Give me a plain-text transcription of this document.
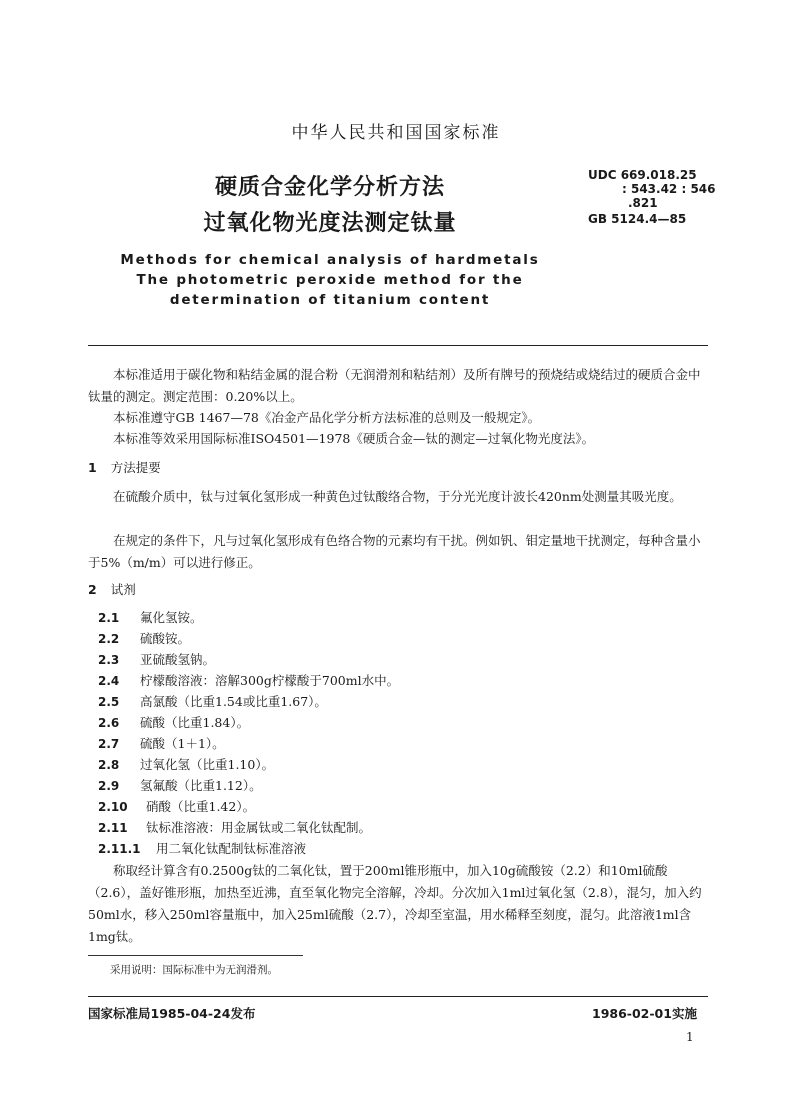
中华人民共和国国家标准
硬质合金化学分析方法
过氧化物光度法测定钛量
UDC 669.018.25
: 543.42 : 546
.821
GB 5124.4—85
Methods for chemical analysis of hardmetals
The photometric peroxide method for the
determination of titanium content
本标准适用于碳化物和粘结金属的混合粉（无润滑剂和粘结剂）及所有牌号的预烧结或烧结过的硬质合金中钛量的测定。测定范围：0.20%以上。
本标准遵守GB 1467—78《冶金产品化学分析方法标准的总则及一般规定》。
本标准等效采用国际标准ISO4501—1978《硬质合金—钛的测定—过氧化物光度法》。
1 方法提要
在硫酸介质中，钛与过氧化氢形成一种黄色过钛酸络合物，于分光光度计波长420nm处测量其吸光度。
在规定的条件下，凡与过氧化氢形成有色络合物的元素均有干扰。例如钒、钼定量地干扰测定，每种含量小于5%（m/m）可以进行修正。
2 试剂
2.1 氟化氢铵。
2.2 硫酸铵。
2.3 亚硫酸氢钠。
2.4 柠檬酸溶液：溶解300g柠檬酸于700ml水中。
2.5 高氯酸（比重1.54或比重1.67）。
2.6 硫酸（比重1.84）。
2.7 硫酸（1＋1）。
2.8 过氧化氢（比重1.10）。
2.9 氢氟酸（比重1.12）。
2.10 硝酸（比重1.42）。
2.11 钛标准溶液：用金属钛或二氧化钛配制。
2.11.1 用二氧化钛配制钛标准溶液
称取经计算含有0.2500g钛的二氧化钛，置于200ml锥形瓶中，加入10g硫酸铵（2.2）和10ml硫酸（2.6），盖好锥形瓶，加热至近沸，直至氧化物完全溶解，冷却。分次加入1ml过氧化氢（2.8），混匀，加入约50ml水，移入250ml容量瓶中，加入25ml硫酸（2.7），冷却至室温，用水稀释至刻度，混匀。此溶液1ml含1mg钛。
采用说明：国际标准中为无润滑剂。
国家标准局1985-04-24发布	1986-02-01实施
1
